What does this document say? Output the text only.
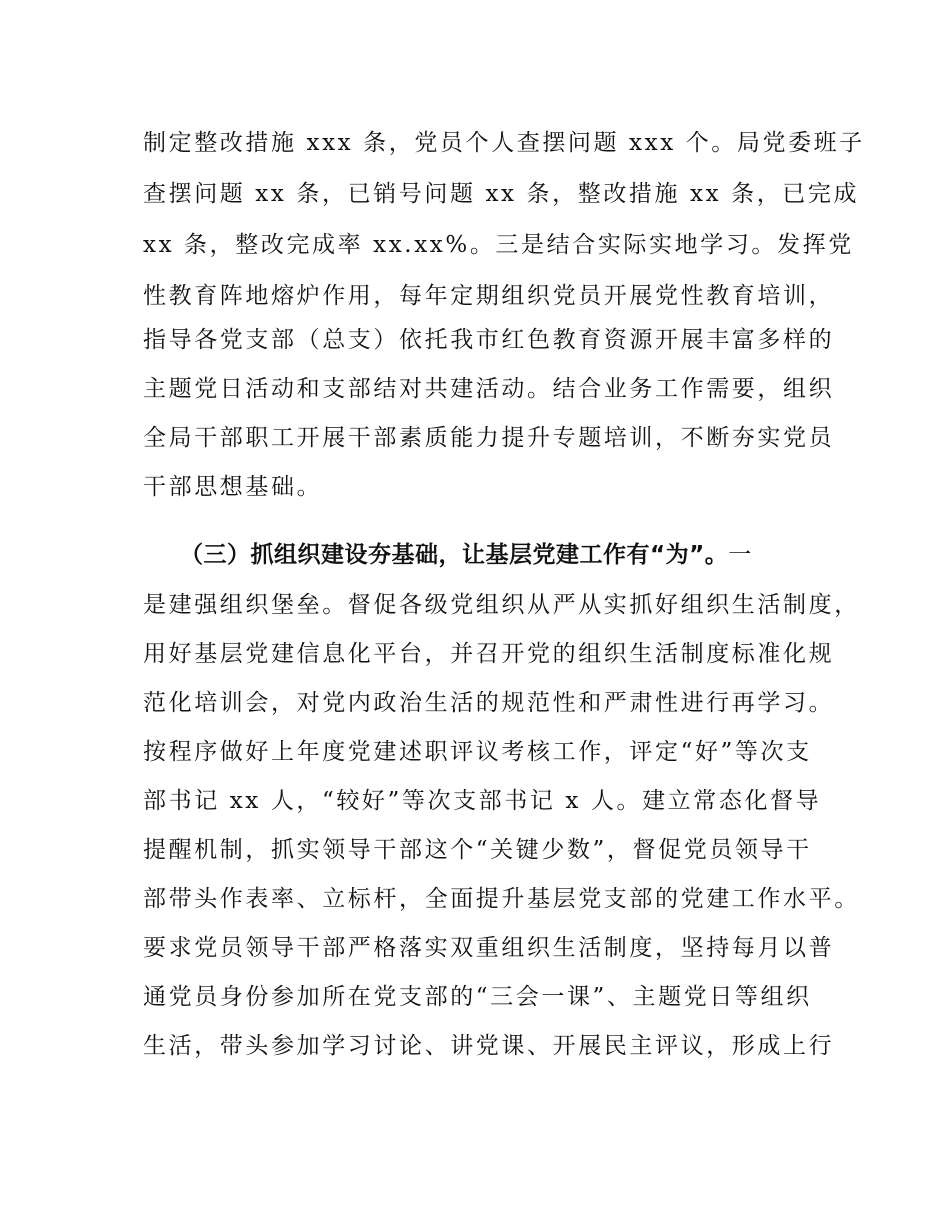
制定整改措施 xxx 条，党员个人查摆问题 xxx 个。局党委班子
查摆问题 xx 条，已销号问题 xx 条，整改措施 xx 条，已完成
xx 条，整改完成率 xx.xx%。三是结合实际实地学习。发挥党
性教育阵地熔炉作用，每年定期组织党员开展党性教育培训，
指导各党支部（总支）依托我市红色教育资源开展丰富多样的
主题党日活动和支部结对共建活动。结合业务工作需要，组织
全局干部职工开展干部素质能力提升专题培训，不断夯实党员
干部思想基础。
（三）抓组织建设夯基础，让基层党建工作有“为”。一
是建强组织堡垒。督促各级党组织从严从实抓好组织生活制度，
用好基层党建信息化平台，并召开党的组织生活制度标准化规
范化培训会，对党内政治生活的规范性和严肃性进行再学习。
按程序做好上年度党建述职评议考核工作，评定“好”等次支
部书记 xx 人，“较好”等次支部书记 x 人。建立常态化督导
提醒机制，抓实领导干部这个“关键少数”，督促党员领导干
部带头作表率、立标杆，全面提升基层党支部的党建工作水平。
要求党员领导干部严格落实双重组织生活制度，坚持每月以普
通党员身份参加所在党支部的“三会一课”、主题党日等组织
生活，带头参加学习讨论、讲党课、开展民主评议，形成上行
